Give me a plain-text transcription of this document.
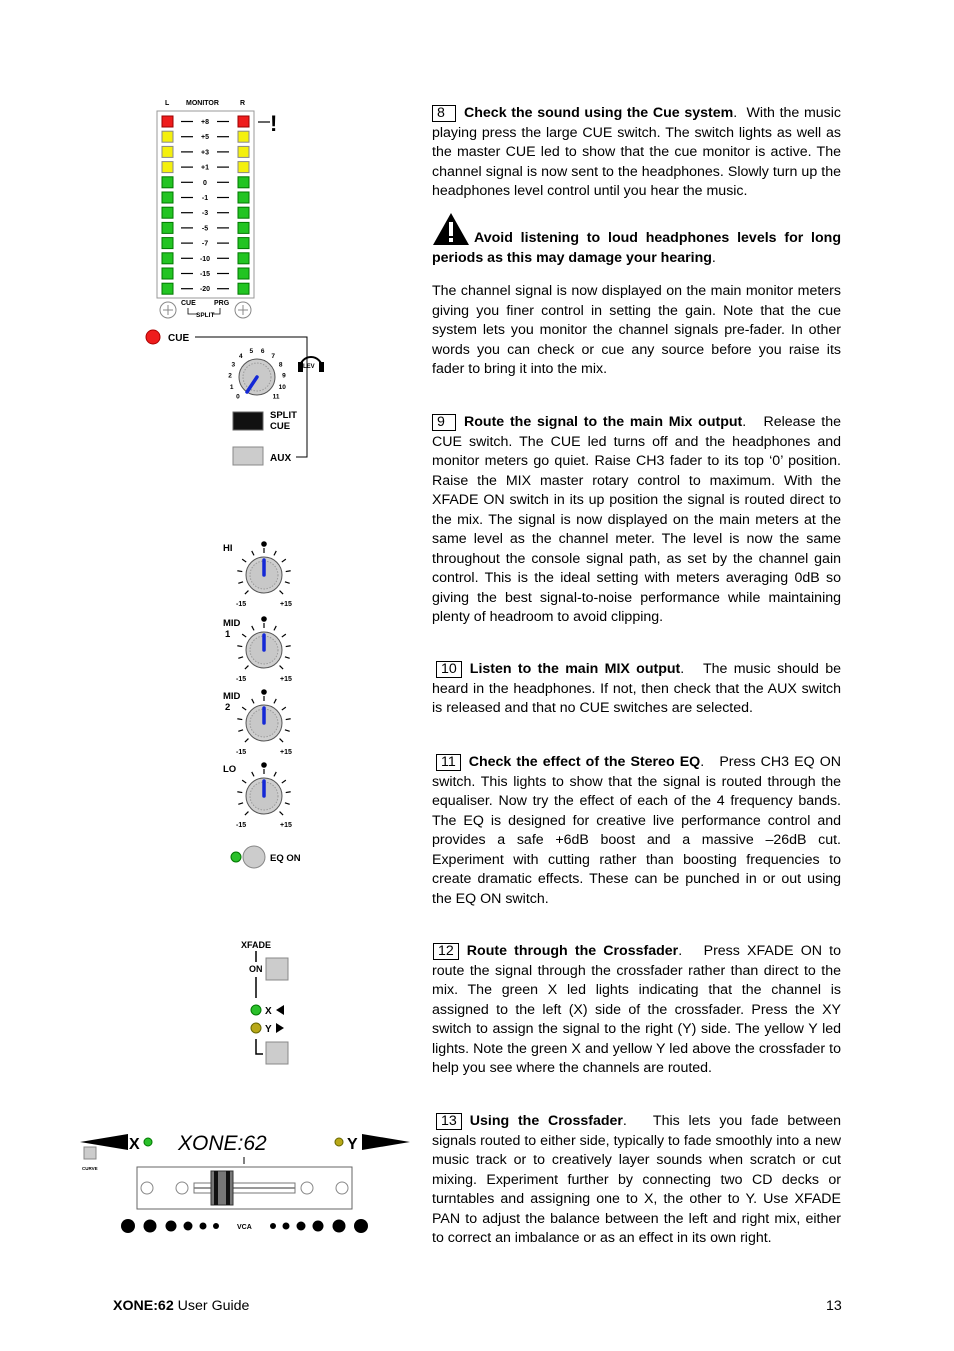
L MONITOR	R
+8
+5
+3
+1
0
-1
-3
-5
-7
-10
-15
-20
!
CUE	PRG
SPLIT
CUE
0
1
2
3
4
5 6
7
8
9
10
11
LEV
SPLIT CUE
AUX
HI
-15	+15
MID
1
-15	+15
MID
2
-15	+15
LO
-15	+15
EQ ON
XFADE
ON
X
Y
X XONE:62	Y
CURVE
VCA

8 Check the sound using the Cue system.  With the music playing press the large CUE switch. The switch lights as well as the master CUE led to show that the cue monitor is active. The channel signal is now sent to the headphones. Slowly turn up the headphones level control until you hear the music.

Avoid listening to loud headphones levels for long periods as this may damage your hearing.

The channel signal is now displayed on the main monitor meters giving you finer control in setting the gain. Note that the cue system lets you monitor the channel signals pre-fader. In other words you can check or cue any source before you raise its fader to bring it into the mix.

9 Route the signal to the main Mix output.   Release the CUE switch. The CUE led turns off and the headphones and monitor meters go quiet. Raise CH3 fader to its top ‘0’ position. Raise the MIX master rotary control to maximum. With the XFADE ON switch in its up position the signal is routed direct to the mix. The signal is now displayed on the main meters at the same level as the channel meter. The level is now the same throughout the console signal path, as set by the channel gain control. This is the ideal setting with meters averaging 0dB so giving the best signal-to-noise performance while maintaining plenty of headroom to avoid clipping.

10 Listen to the main MIX output.   The music should be heard in the headphones. If not, then check that the AUX switch is released and that no CUE switches are selected.

11 Check the effect of the Stereo EQ.   Press CH3 EQ ON switch. This lights to show that the signal is routed through the equaliser. Now try the effect of each of the 4 frequency bands. The EQ is designed for creative live performance control and provides a safe +6dB boost and a massive –26dB cut. Experiment with cutting rather than boosting frequencies to create dramatic effects. These can be punched in or out using the EQ ON switch.

12 Route through the Crossfader.   Press XFADE ON to route the signal through the crossfader rather than direct to the mix. The green X led lights indicating that the channel is assigned to the left (X) side of the crossfader. Press the XY switch to assign the signal to the right (Y) side. The yellow Y led lights. Note the green X and yellow Y led above the crossfader to help you see where the channels are routed.

13 Using the Crossfader.   This lets you fade between signals routed to either side, typically to fade smoothly into a new music track or to creatively layer sounds when scratch or cut mixing. Experiment further by connecting two CD decks or turntables and assigning one to X, the other to Y. Use XFADE PAN to adjust the balance between the left and right mix, either to correct an imbalance or as an effect in its own right.

XONE:62 User Guide	13
